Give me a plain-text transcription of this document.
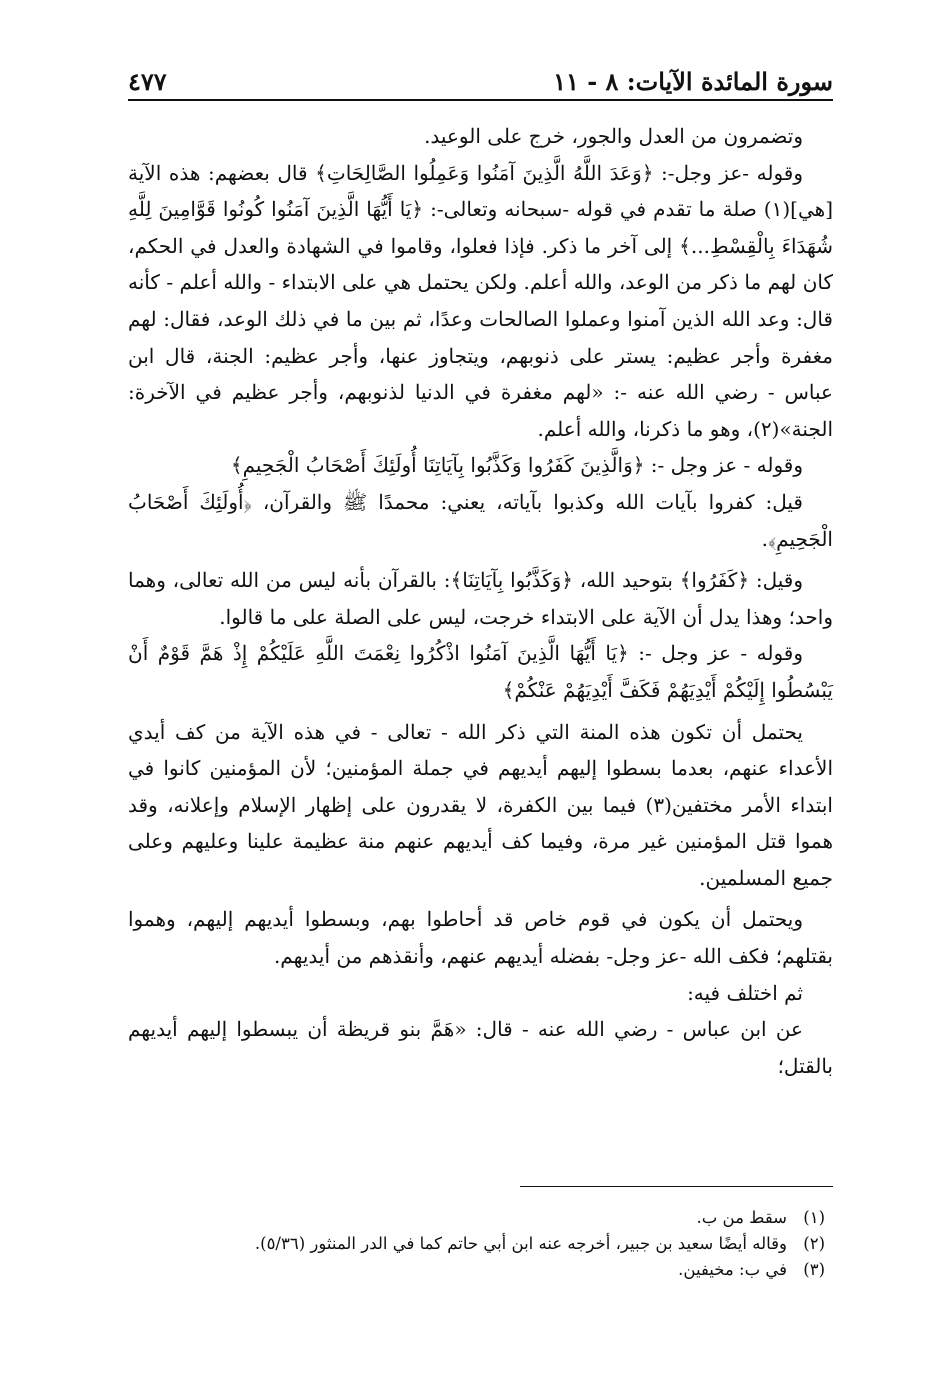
سورة المائدة الآيات: ٨ - ١١
٤٧٧

وتضمرون من العدل والجور، خرج على الوعيد.

وقوله -عز وجل-: ﴿وَعَدَ اللَّهُ الَّذِينَ آمَنُوا وَعَمِلُوا الصَّالِحَاتِ﴾ قال بعضهم: هذه الآية [هي](١) صلة ما تقدم في قوله -سبحانه وتعالى-: ﴿يَا أَيُّهَا الَّذِينَ آمَنُوا كُونُوا قَوَّامِينَ لِلَّهِ شُهَدَاءَ بِالْقِسْطِ...﴾ إلى آخر ما ذكر. فإذا فعلوا، وقاموا في الشهادة والعدل في الحكم، كان لهم ما ذكر من الوعد، والله أعلم. ولكن يحتمل هي على الابتداء - والله أعلم - كأنه قال: وعد الله الذين آمنوا وعملوا الصالحات وعدًا، ثم بين ما في ذلك الوعد، فقال: لهم مغفرة وأجر عظيم: يستر على ذنوبهم، ويتجاوز عنها، وأجر عظيم: الجنة، قال ابن عباس - رضي الله عنه -: «لهم مغفرة في الدنيا لذنوبهم، وأجر عظيم في الآخرة: الجنة»(٢)، وهو ما ذكرنا، والله أعلم.

وقوله - عز وجل -: ﴿وَالَّذِينَ كَفَرُوا وَكَذَّبُوا بِآيَاتِنَا أُولَئِكَ أَصْحَابُ الْجَحِيمِ﴾

قيل: كفروا بآيات الله وكذبوا بآياته، يعني: محمدًا ﷺ والقرآن، ﴿أُولَئِكَ أَصْحَابُ الْجَحِيمِ﴾.

وقيل: ﴿كَفَرُوا﴾ بتوحيد الله، ﴿وَكَذَّبُوا بِآيَاتِنَا﴾: بالقرآن بأنه ليس من الله تعالى، وهما واحد؛ وهذا يدل أن الآية على الابتداء خرجت، ليس على الصلة على ما قالوا.

وقوله - عز وجل -: ﴿يَا أَيُّهَا الَّذِينَ آمَنُوا اذْكُرُوا نِعْمَتَ اللَّهِ عَلَيْكُمْ إِذْ هَمَّ قَوْمٌ أَنْ يَبْسُطُوا إِلَيْكُمْ أَيْدِيَهُمْ فَكَفَّ أَيْدِيَهُمْ عَنْكُمْ﴾

يحتمل أن تكون هذه المنة التي ذكر الله - تعالى - في هذه الآية من كف أيدي الأعداء عنهم، بعدما بسطوا إليهم أيديهم في جملة المؤمنين؛ لأن المؤمنين كانوا في ابتداء الأمر مختفين(٣) فيما بين الكفرة، لا يقدرون على إظهار الإسلام وإعلانه، وقد هموا قتل المؤمنين غير مرة، وفيما كف أيديهم عنهم منة عظيمة علينا وعليهم وعلى جميع المسلمين.

ويحتمل أن يكون في قوم خاص قد أحاطوا بهم، وبسطوا أيديهم إليهم، وهموا بقتلهم؛ فكف الله -عز وجل- بفضله أيديهم عنهم، وأنقذهم من أيديهم.

ثم اختلف فيه:

عن ابن عباس - رضي الله عنه - قال: «هَمَّ بنو قريظة أن يبسطوا إليهم أيديهم بالقتل؛

(١)سقط من ب.

(٢)وقاله أيضًا سعيد بن جبير، أخرجه عنه ابن أبي حاتم كما في الدر المنثور (٥/٣٦).

(٣)في ب: مخيفين.
